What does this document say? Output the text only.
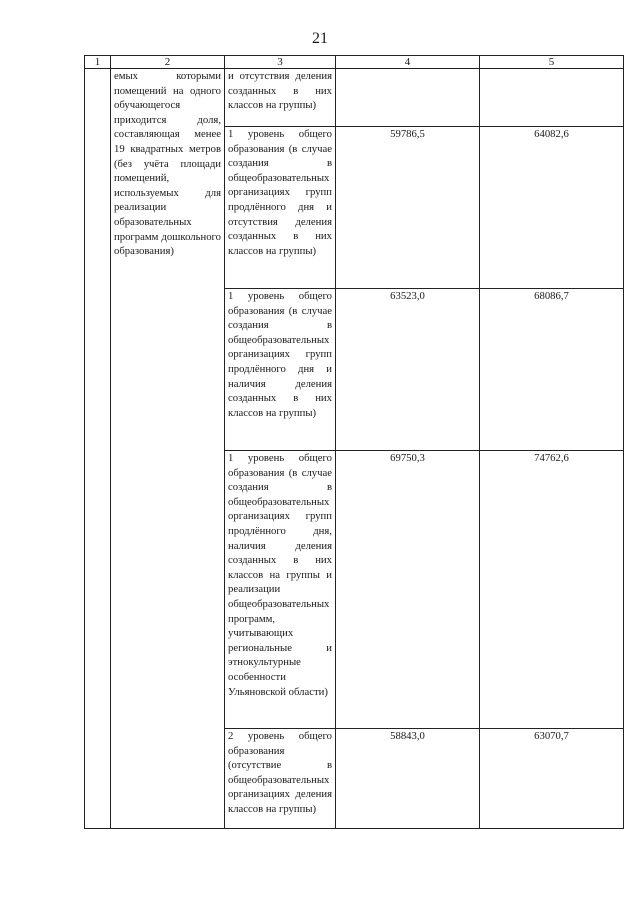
21
1	2	3	4	5
	емых которыми помещений на одного обучающегося приходится доля, составляющая менее 19 квадратных метров (без учёта площади помещений, используемых для реализации образовательных программ дошкольного образования)	и отсутствия деления созданных в них классов на группы)		
		1 уровень общего образования (в случае создания в общеобразовательных организациях групп продлённого дня и отсутствия деления созданных в них классов на группы)	59786,5	64082,6
		1 уровень общего образования (в случае создания в общеобразовательных организациях групп продлённого дня и наличия деления созданных в них классов на группы)	63523,0	68086,7
		1 уровень общего образования (в случае создания в общеобразовательных организациях групп продлённого дня, наличия деления созданных в них классов на группы и реализации общеобразовательных программ, учитывающих региональные и этнокультурные особенности Ульяновской области)	69750,3	74762,6
		2 уровень общего образования (отсутствие в общеобразовательных организациях деления классов на группы)	58843,0	63070,7
